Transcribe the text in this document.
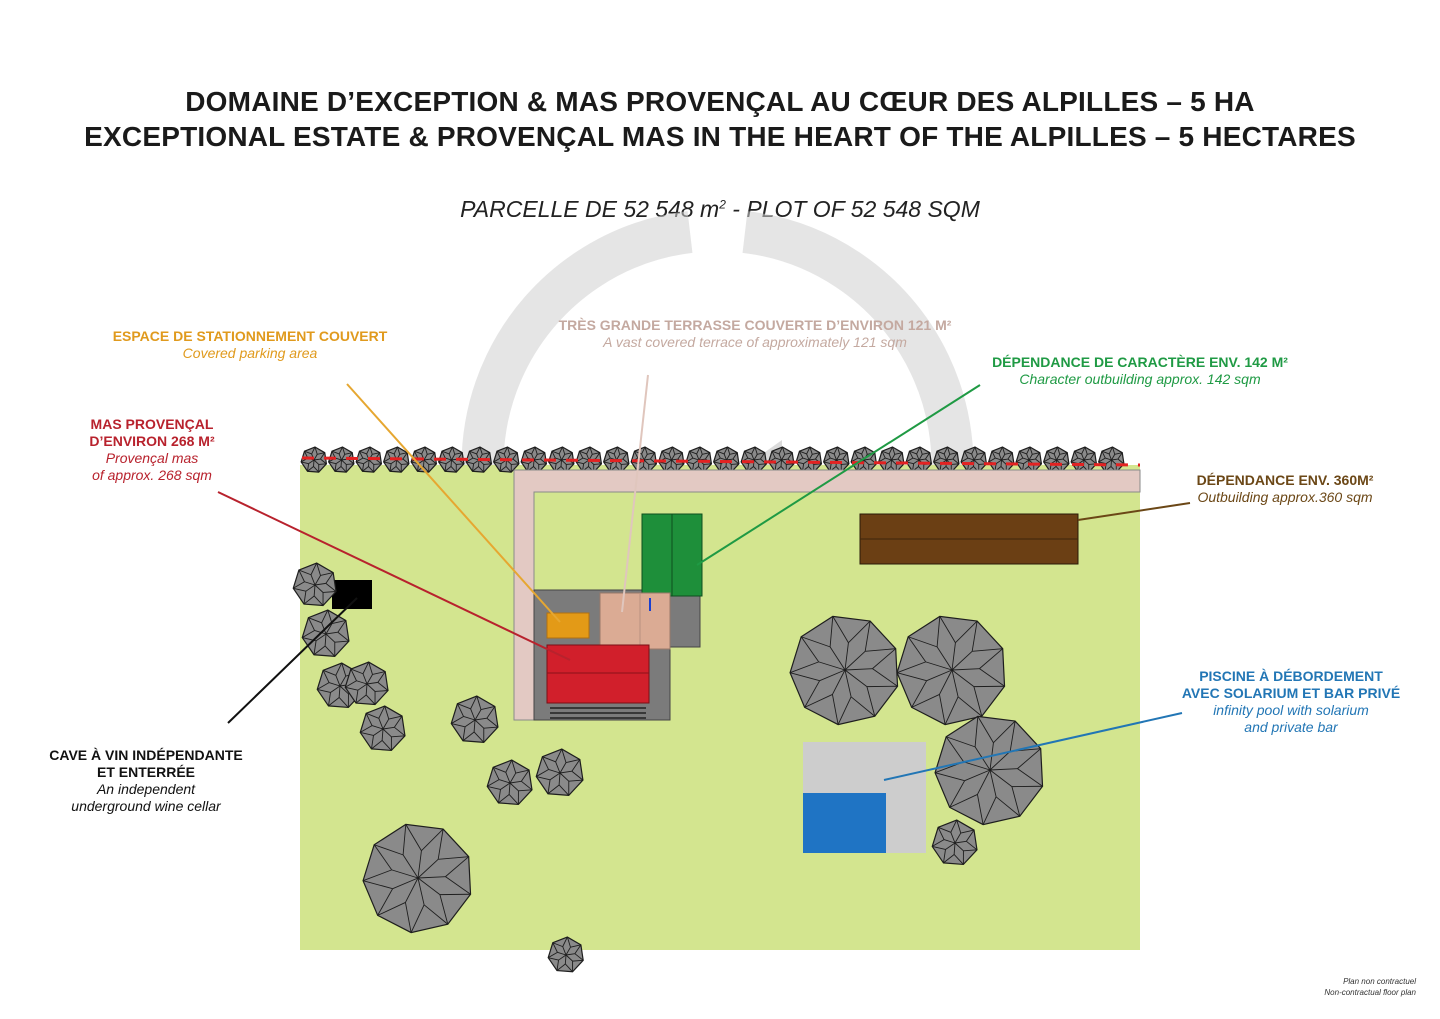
DOMAINE D’EXCEPTION & MAS PROVENÇAL AU CŒUR DES ALPILLES – 5 HA
EXCEPTIONAL ESTATE & PROVENÇAL MAS IN THE HEART OF THE ALPILLES – 5 HECTARES
PARCELLE DE 52 548 $m^2$ - PLOT OF 52 548 SQM
ESPACE DE STATIONNEMENT COUVERT
Covered parking area
TRÈS GRANDE TERRASSE COUVERTE D’ENVIRON 121 M²
A vast covered terrace of approximately 121 sqm
DÉPENDANCE DE CARACTÈRE ENV. 142 M²
Character outbuilding approx. 142 sqm
MAS PROVENÇAL
D’ENVIRON 268 M²
Provençal mas
of approx. 268 sqm	DÉPENDANCE ENV. 360M²
Outbuilding approx.360 sqm
PISCINE À DÉBORDEMENT
AVEC SOLARIUM ET BAR PRIVÉ
infinity pool with solarium
and private bar
CAVE À VIN INDÉPENDANTE
ET ENTERRÉE
An independent
underground wine cellar
Plan non contractuel
Non-contractual floor plan
